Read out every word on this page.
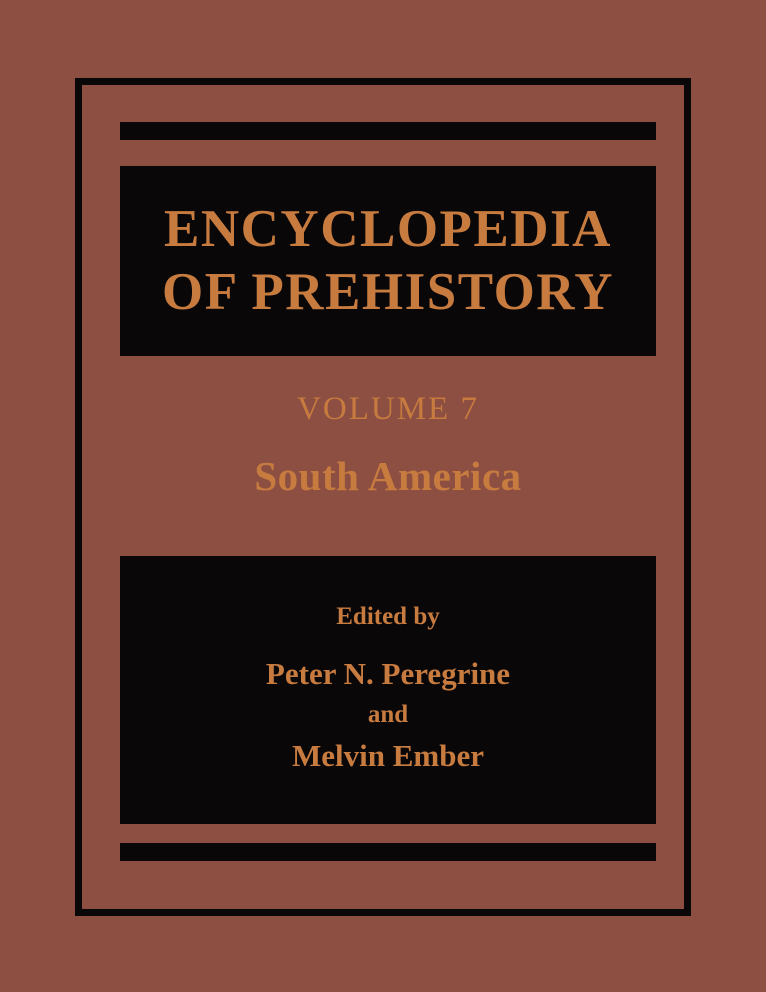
ENCYCLOPEDIA
OF PREHISTORY
VOLUME 7
South America
Edited by
Peter N. Peregrine
and
Melvin Ember
